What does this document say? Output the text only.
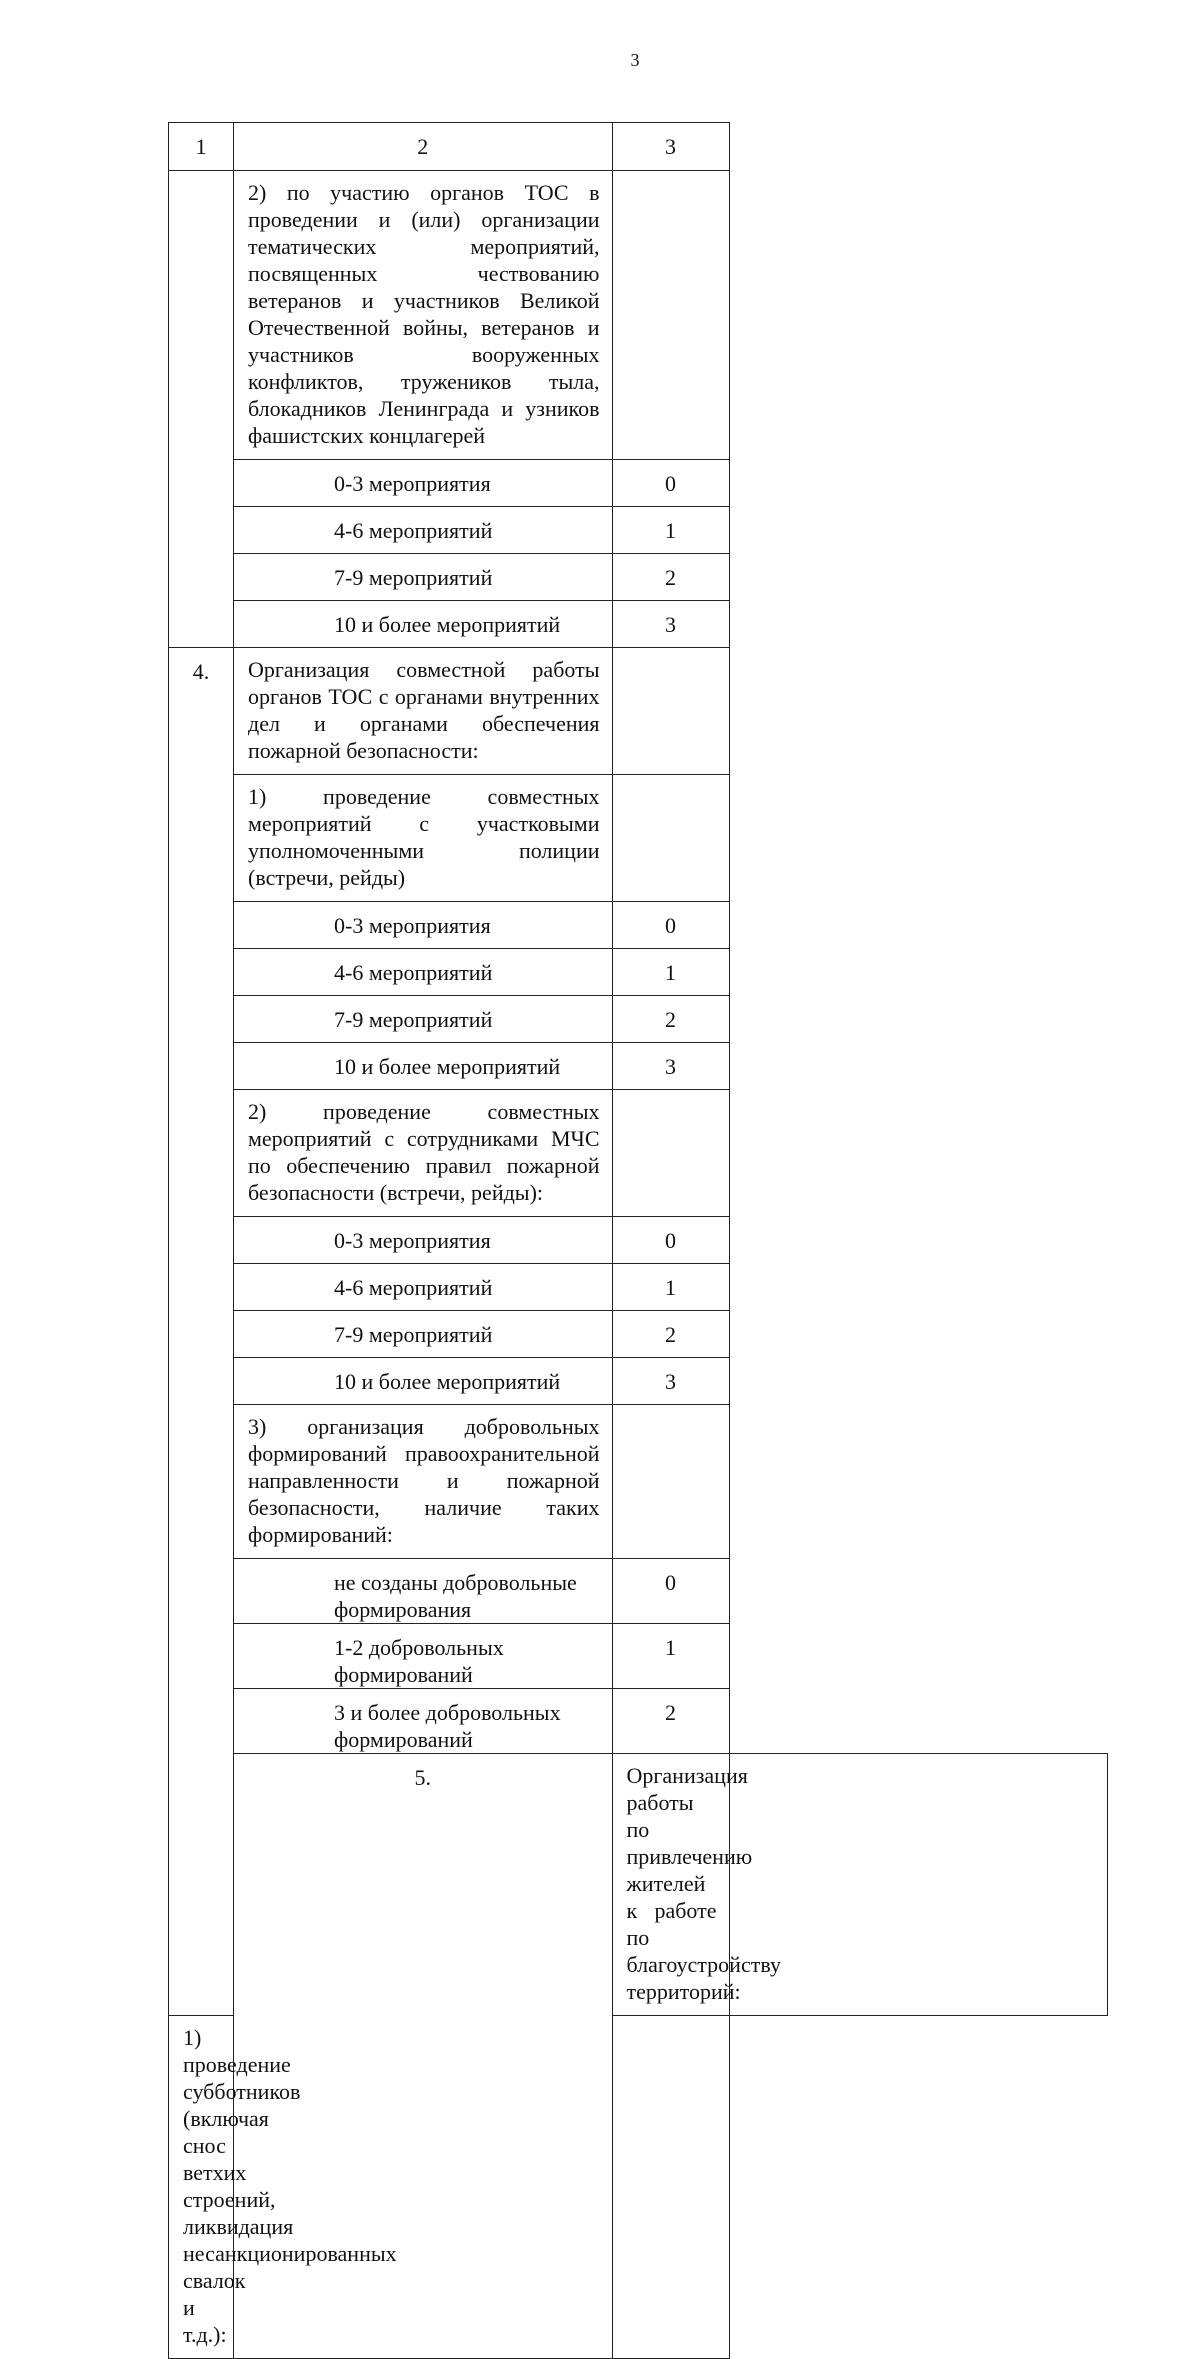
3
1	2	3	
	2) по участию органов ТОС в проведении и (или) организации тематических мероприятий, посвященных чествованию ветеранов и участников Великой Отечественной войны, ветеранов и участников вооруженных конфликтов, тружеников тыла, блокадников Ленинграда и узников фашистских концлагерей		
	0-3 мероприятия	0	
	4-6 мероприятий	1	
	7-9 мероприятий	2	
	10 и более мероприятий	3	
4.	Организация совместной работы органов ТОС с органами внутренних дел и органами обеспечения пожарной безопасности:		
	1) проведение совместных мероприятий с участковыми уполномоченными полиции (встречи, рейды)		
	0-3 мероприятия	0	
	4-6 мероприятий	1	
	7-9 мероприятий	2	
	10 и более мероприятий	3	
	2) проведение совместных мероприятий с сотрудниками МЧС по обеспечению правил пожарной безопасности (встречи, рейды):		
	0-3 мероприятия	0	
	4-6 мероприятий	1	
	7-9 мероприятий	2	
	10 и более мероприятий	3	
	3) организация добровольных формирований правоохранительной направленности и пожарной безопасности, наличие таких формирований:		
	не созданы добровольные формирования	0	
	1-2 добровольных формирований	1	
	3 и более добровольных формирований	2	
	5.	Организация работы по привлечению жителей к работе по благоустройству территорий:	
1) проведение субботников (включая снос ветхих строений, ликвидация несанкционированных свалок и т.д.):			
